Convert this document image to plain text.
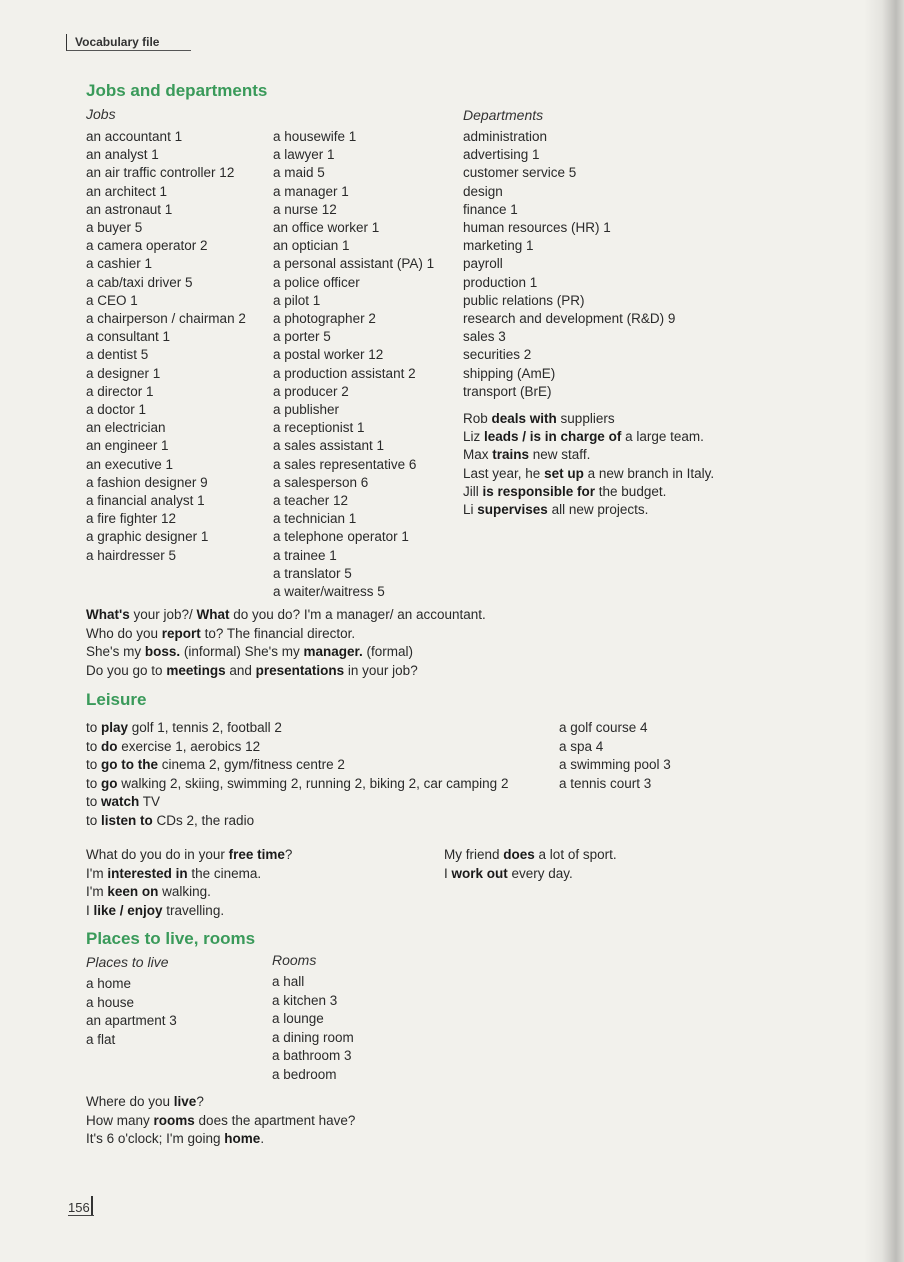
Vocabulary file
Jobs and departments
Jobs	Departments
an accountant 1
an analyst 1
an air traffic controller 12
an architect 1
an astronaut 1
a buyer 5
a camera operator 2
a cashier 1
a cab/taxi driver 5
a CEO 1
a chairperson / chairman 2
a consultant 1
a dentist 5
a designer 1
a director 1
a doctor 1
an electrician
an engineer 1
an executive 1
a fashion designer 9
a financial analyst 1
a fire fighter 12
a graphic designer 1
a hairdresser 5
a housewife 1
a lawyer 1
a maid 5
a manager 1
a nurse 12
an office worker 1
an optician 1
a personal assistant (PA) 1
a police officer
a pilot 1
a photographer 2
a porter 5
a postal worker 12
a production assistant 2
a producer 2
a publisher
a receptionist 1
a sales assistant 1
a sales representative 6
a salesperson 6
a teacher 12
a technician 1
a telephone operator 1
a trainee 1
a translator 5
a waiter/waitress 5
administration
advertising 1
customer service 5
design
finance 1
human resources (HR) 1
marketing 1
payroll
production 1
public relations (PR)
research and development (R&D) 9
sales 3
securities 2
shipping (AmE)
transport (BrE)
Rob deals with suppliers
Liz leads / is in charge of a large team.
Max trains new staff.
Last year, he set up a new branch in Italy.
Jill is responsible for the budget.
Li supervises all new projects.
What's your job?/ What do you do? I'm a manager/ an accountant.
Who do you report to? The financial director.
She's my boss. (informal) She's my manager. (formal)
Do you go to meetings and presentations in your job?
Leisure
to play golf 1, tennis 2, football 2
to do exercise 1, aerobics 12
to go to the cinema 2, gym/fitness centre 2
to go walking 2, skiing, swimming 2, running 2, biking 2, car camping 2
to watch TV
to listen to CDs 2, the radio
a golf course 4
a spa 4
a swimming pool 3
a tennis court 3
What do you do in your free time?
I'm interested in the cinema.
I'm keen on walking.
I like / enjoy travelling.
My friend does a lot of sport.
I work out every day.
Places to live, rooms
Places to live	Rooms
a home
a house
an apartment 3
a flat
a hall
a kitchen 3
a lounge
a dining room
a bathroom 3
a bedroom
Where do you live?
How many rooms does the apartment have?
It's 6 o'clock; I'm going home.
156
